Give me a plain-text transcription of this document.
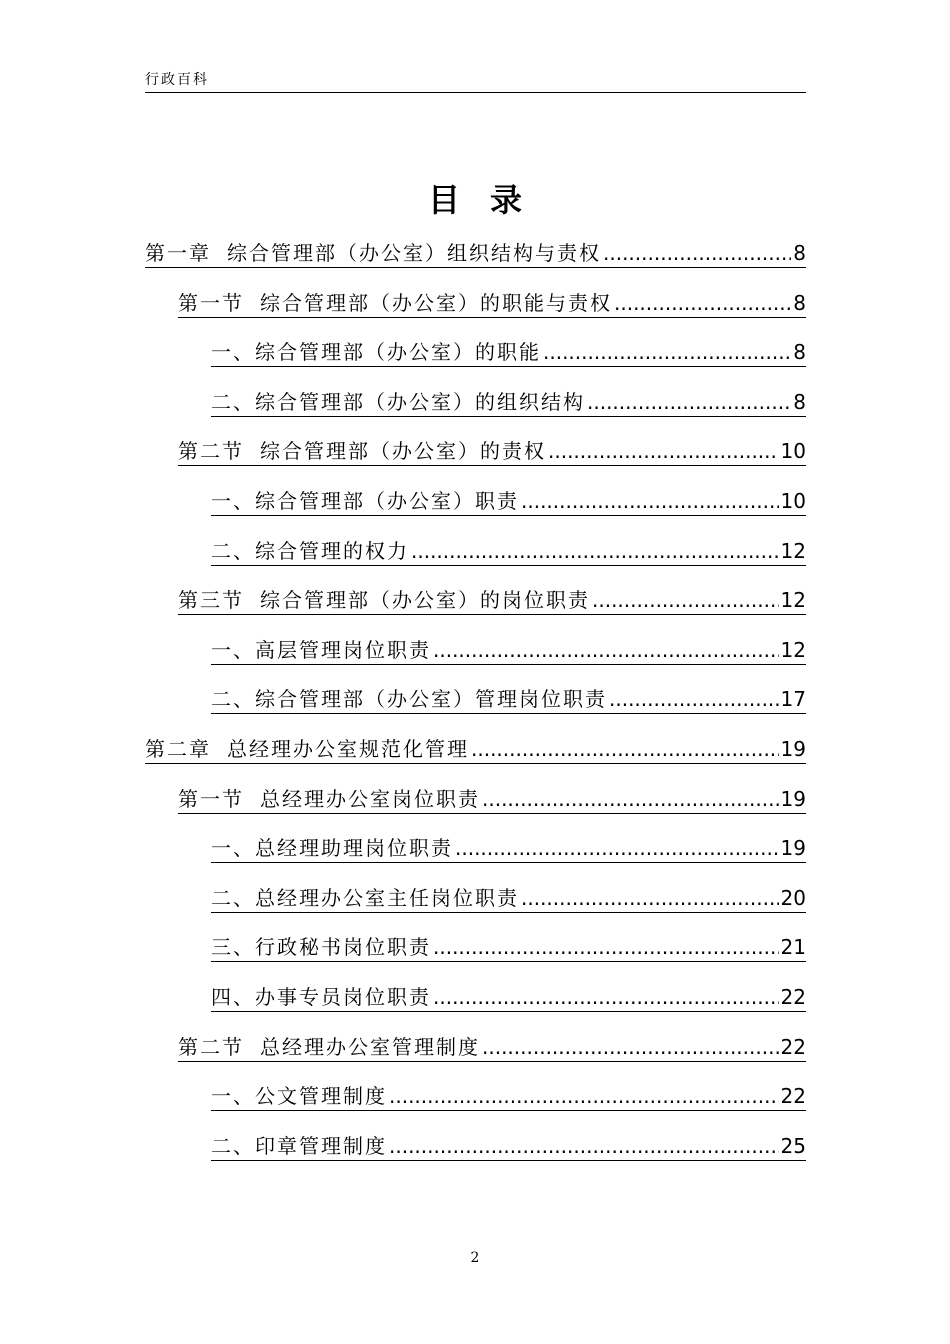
行政百科
目录
第一章 综合管理部（办公室）组织结构与责权 .....	8
第一节 综合管理部（办公室）的职能与责权 .....	8
一、综合管理部（办公室）的职能 .....	8
二、综合管理部（办公室）的组织结构 .....	8
第二节 综合管理部（办公室）的责权 .....	10
一、综合管理部（办公室）职责 .....	10
二、综合管理的权力 .....	12
第三节 综合管理部（办公室）的岗位职责 .....	12
一、高层管理岗位职责 .....	12
二、综合管理部（办公室）管理岗位职责 .....	17
第二章 总经理办公室规范化管理 .....	19
第一节 总经理办公室岗位职责 .....	19
一、总经理助理岗位职责 .....	19
二、总经理办公室主任岗位职责 .....	20
三、行政秘书岗位职责 .....	21
四、办事专员岗位职责 .....	22
第二节 总经理办公室管理制度 .....	22
一、公文管理制度 .....	22
二、印章管理制度 .....	25
2
